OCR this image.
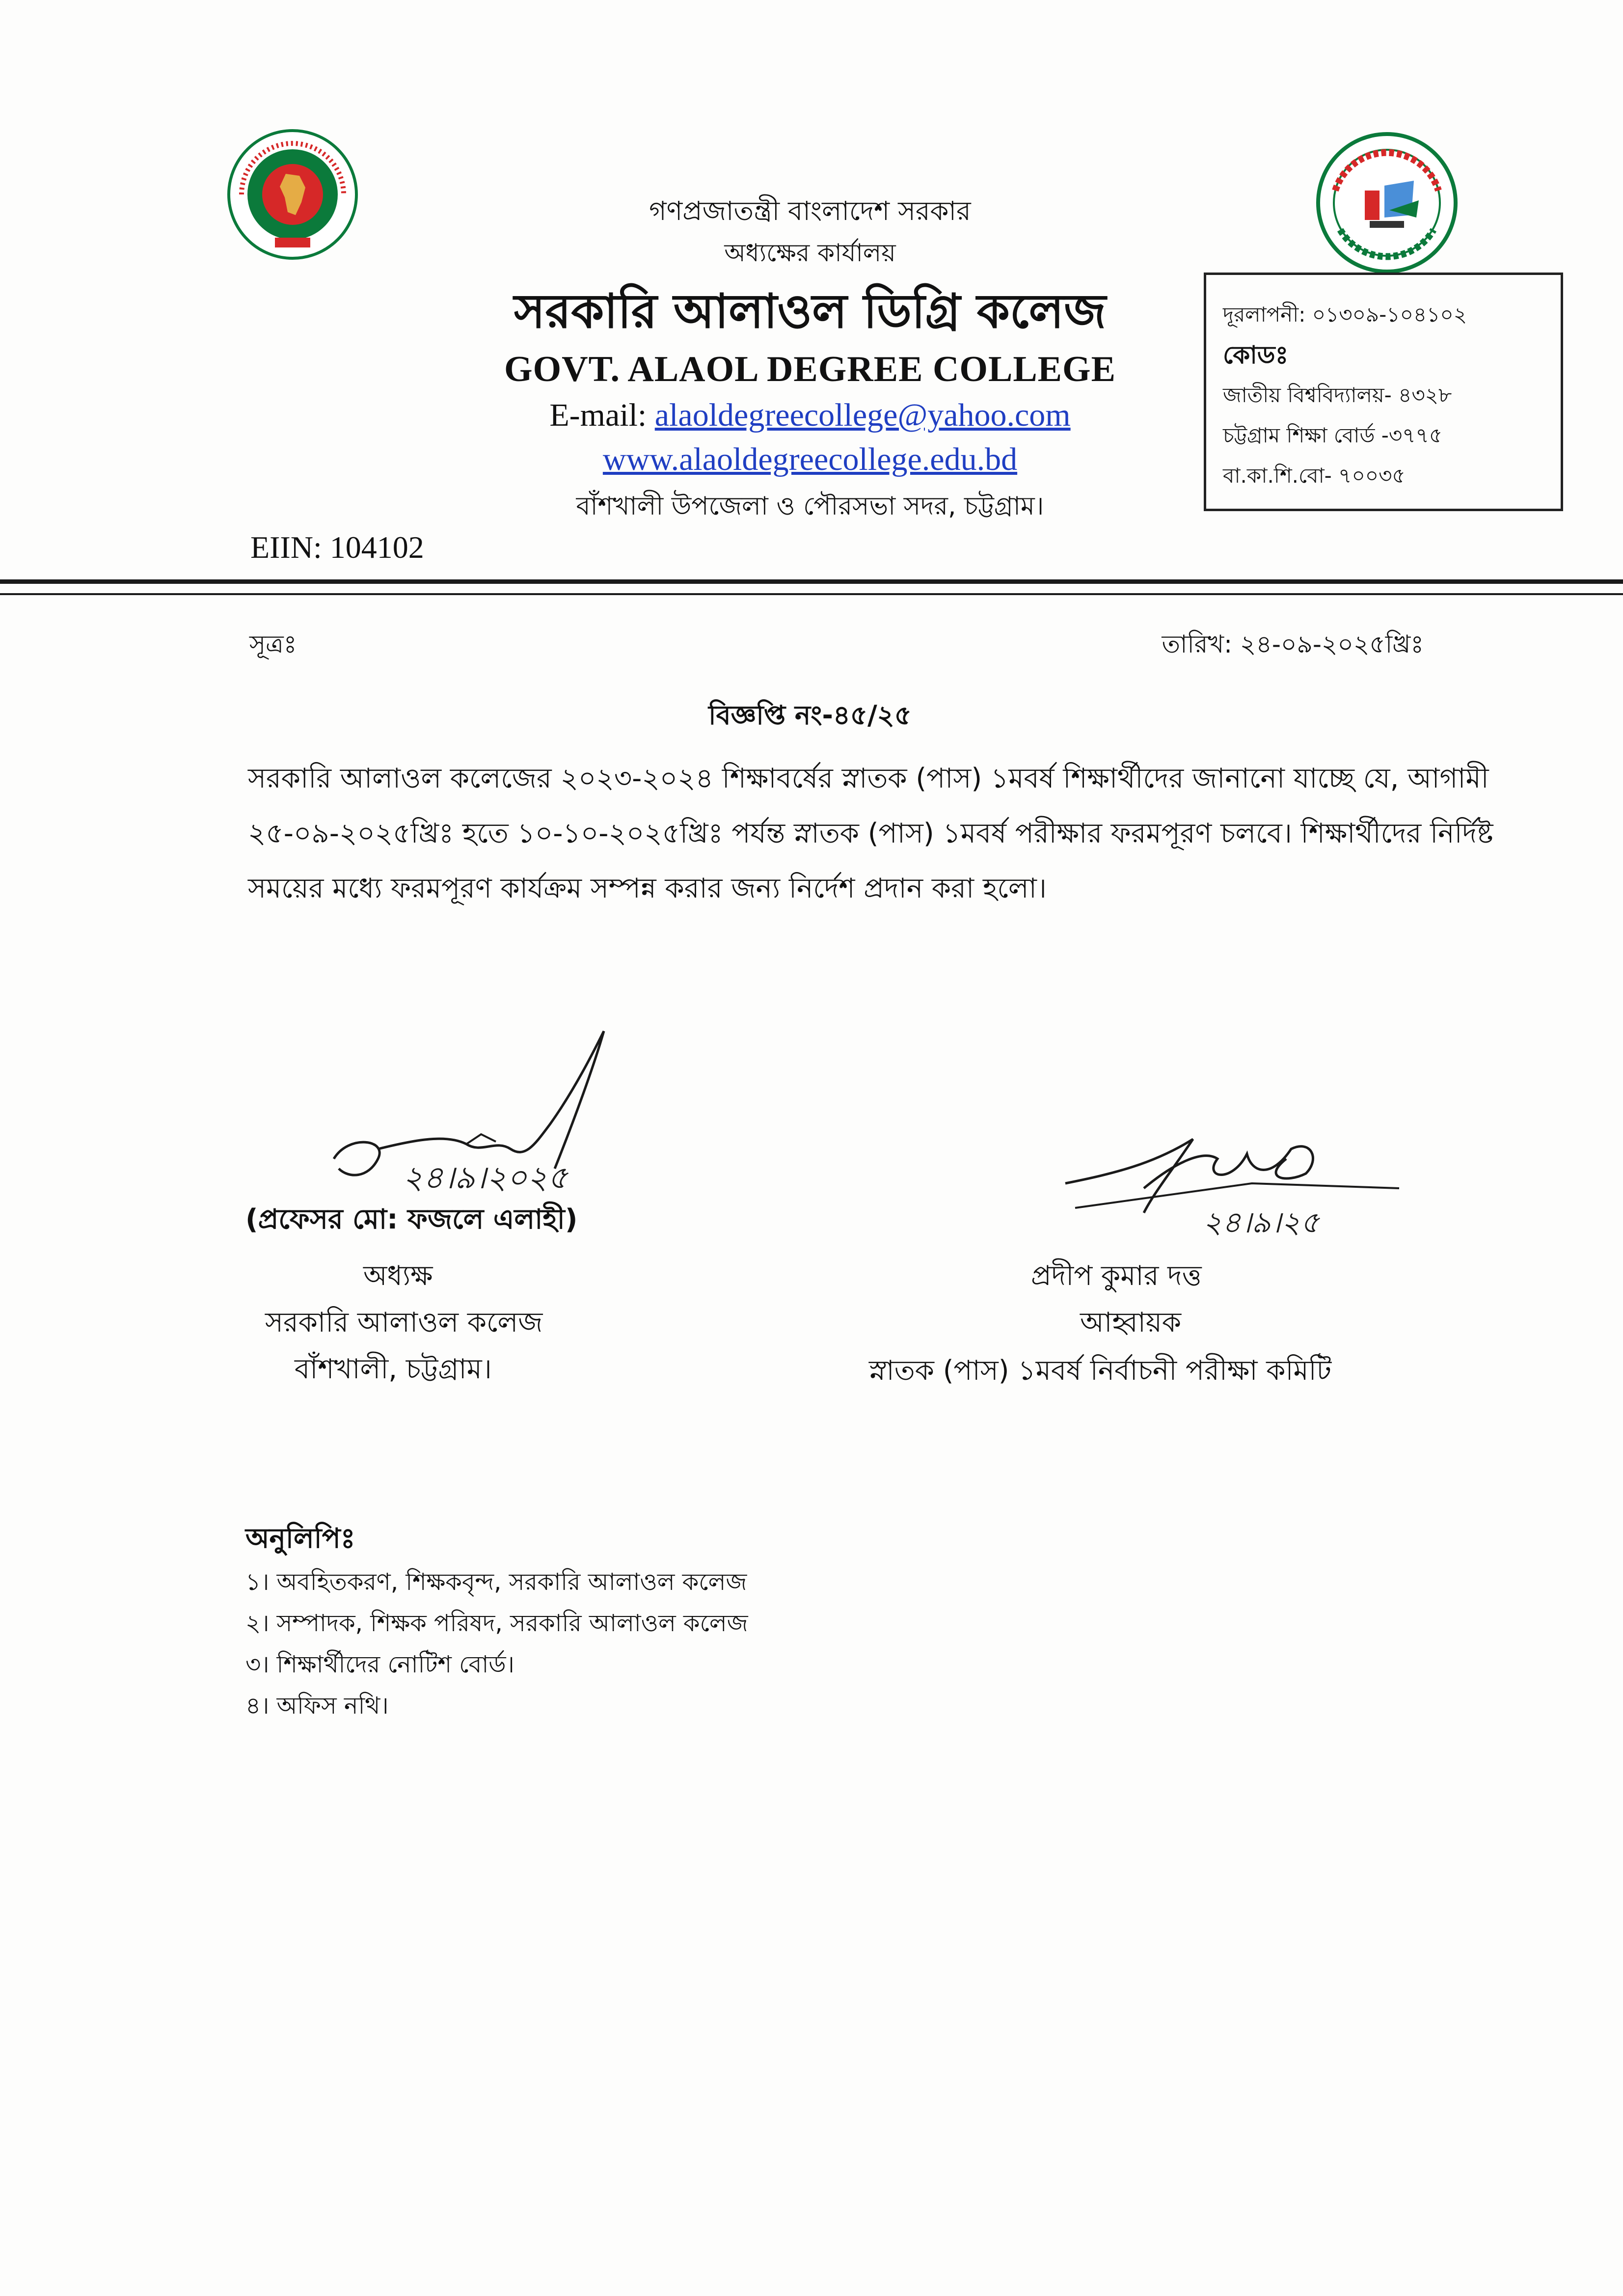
গণপ্রজাতন্ত্রী বাংলাদেশ সরকার
অধ্যক্ষের কার্যালয়
সরকারি আলাওল ডিগ্রি কলেজ
GOVT. ALAOL DEGREE COLLEGE
E-mail: alaoldegreecollege@yahoo.com
www.alaoldegreecollege.edu.bd
বাঁশখালী উপজেলা ও পৌরসভা সদর, চট্টগ্রাম।
দূরলাপনী: ০১৩০৯-১০৪১০২
কোডঃ
জাতীয় বিশ্ববিদ্যালয়- ৪৩২৮
চট্টগ্রাম শিক্ষা বোর্ড -৩৭৭৫
বা.কা.শি.বো- ৭০০৩৫
EIIN: 104102
সূত্রঃ	তারিখ: ২৪-০৯-২০২৫খ্রিঃ
বিজ্ঞপ্তি নং-৪৫/২৫
সরকারি আলাওল কলেজের ২০২৩-২০২৪ শিক্ষাবর্ষের স্নাতক (পাস) ১মবর্ষ শিক্ষার্থীদের জানানো যাচ্ছে যে, আগামী ২৫-০৯-২০২৫খ্রিঃ হতে ১০-১০-২০২৫খ্রিঃ পর্যন্ত স্নাতক (পাস) ১মবর্ষ পরীক্ষার ফরমপূরণ চলবে। শিক্ষার্থীদের নির্দিষ্ট সময়ের মধ্যে ফরমপূরণ কার্যক্রম সম্পন্ন করার জন্য নির্দেশ প্রদান করা হলো।
২৪।৯।২০২৫
(প্রফেসর মো: ফজলে এলাহী)
অধ্যক্ষ
সরকারি আলাওল কলেজ
বাঁশখালী, চট্টগ্রাম।
২৪।৯।২৫
প্রদীপ কুমার দত্ত
আহ্বায়ক
স্নাতক (পাস) ১মবর্ষ নির্বাচনী পরীক্ষা কমিটি
অনুলিপিঃ
১। অবহিতকরণ, শিক্ষকবৃন্দ, সরকারি আলাওল কলেজ
২। সম্পাদক, শিক্ষক পরিষদ, সরকারি আলাওল কলেজ
৩। শিক্ষার্থীদের নোটিশ বোর্ড।
৪। অফিস নথি।
